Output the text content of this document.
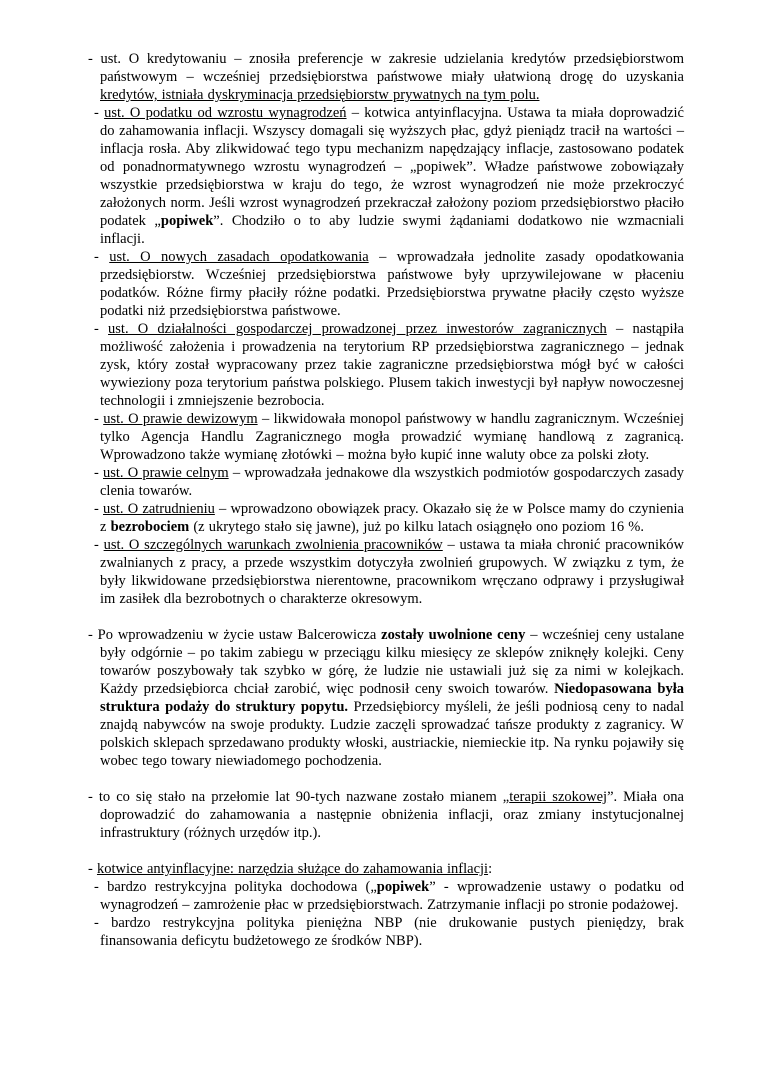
- ust. O kredytowaniu – znosiła preferencje w zakresie udzielania kredytów przedsiębiorstwom państwowym – wcześniej przedsiębiorstwa państwowe miały ułatwioną drogę do uzyskania kredytów, istniała dyskryminacja przedsiębiorstw prywatnych na tym polu.

- ust. O podatku od wzrostu wynagrodzeń – kotwica antyinflacyjna. Ustawa ta miała doprowadzić do zahamowania inflacji. Wszyscy domagali się wyższych płac, gdyż pieniądz tracił na wartości – inflacja rosła. Aby zlikwidować tego typu mechanizm napędzający inflacje, zastosowano podatek od ponadnormatywnego wzrostu wynagrodzeń – „popiwek”. Władze państwowe zobowiązały wszystkie przedsiębiorstwa w kraju do tego, że wzrost wynagrodzeń nie może przekroczyć założonych norm. Jeśli wzrost wynagrodzeń przekraczał założony poziom przedsiębiorstwo płaciło podatek „popiwek”. Chodziło o to aby ludzie swymi żądaniami dodatkowo nie wzmacniali inflacji.

- ust. O nowych zasadach opodatkowania – wprowadzała jednolite zasady opodatkowania przedsiębiorstw. Wcześniej przedsiębiorstwa państwowe były uprzywilejowane w płaceniu podatków. Różne firmy płaciły różne podatki. Przedsiębiorstwa prywatne płaciły często wyższe podatki niż przedsiębiorstwa państwowe.

- ust. O działalności gospodarczej prowadzonej przez inwestorów zagranicznych – nastąpiła możliwość założenia i prowadzenia na terytorium RP przedsiębiorstwa zagranicznego – jednak zysk, który został wypracowany przez takie zagraniczne przedsiębiorstwa mógł być w całości wywieziony poza terytorium państwa polskiego. Plusem takich inwestycji był napływ nowoczesnej technologii i zmniejszenie bezrobocia.

- ust. O prawie dewizowym – likwidowała monopol państwowy w handlu zagranicznym. Wcześniej tylko Agencja Handlu Zagranicznego mogła prowadzić wymianę handlową z zagranicą. Wprowadzono także wymianę złotówki – można było kupić inne waluty obce za polski złoty.

- ust. O prawie celnym – wprowadzała jednakowe dla wszystkich podmiotów gospodarczych zasady clenia towarów.

- ust. O zatrudnieniu – wprowadzono obowiązek pracy. Okazało się że w Polsce mamy do czynienia z bezrobociem (z ukrytego stało się jawne), już po kilku latach osiągnęło ono poziom 16 %.

- ust. O szczególnych warunkach zwolnienia pracowników – ustawa ta miała chronić pracowników zwalnianych z pracy, a przede wszystkim dotyczyła zwolnień grupowych. W związku z tym, że były likwidowane przedsiębiorstwa nierentowne, pracownikom wręczano odprawy i przysługiwał im zasiłek dla bezrobotnych o charakterze okresowym.

- Po wprowadzeniu w życie ustaw Balcerowicza zostały uwolnione ceny – wcześniej ceny ustalane były odgórnie – po takim zabiegu w przeciągu kilku miesięcy ze sklepów zniknęły kolejki. Ceny towarów poszybowały tak szybko w górę, że ludzie nie ustawiali już się za nimi w kolejkach. Każdy przedsiębiorca chciał zarobić, więc podnosił ceny swoich towarów. Niedopasowana była struktura podaży do struktury popytu. Przedsiębiorcy myśleli, że jeśli podniosą ceny to nadal znajdą nabywców na swoje produkty. Ludzie zaczęli sprowadzać tańsze produkty z zagranicy. W polskich sklepach sprzedawano produkty włoski, austriackie, niemieckie itp. Na rynku pojawiły się wobec tego towary niewiadomego pochodzenia.

- to co się stało na przełomie lat 90-tych nazwane zostało mianem „terapii szokowej”. Miała ona doprowadzić do zahamowania a następnie obniżenia inflacji, oraz zmiany instytucjonalnej infrastruktury (różnych urzędów itp.).

- kotwice antyinflacyjne: narzędzia służące do zahamowania inflacji:

- bardzo restrykcyjna polityka dochodowa („popiwek” - wprowadzenie ustawy o podatku od wynagrodzeń – zamrożenie płac w przedsiębiorstwach. Zatrzymanie inflacji po stronie podażowej.

- bardzo restrykcyjna polityka pieniężna NBP (nie drukowanie pustych pieniędzy, brak finansowania deficytu budżetowego ze środków NBP).
